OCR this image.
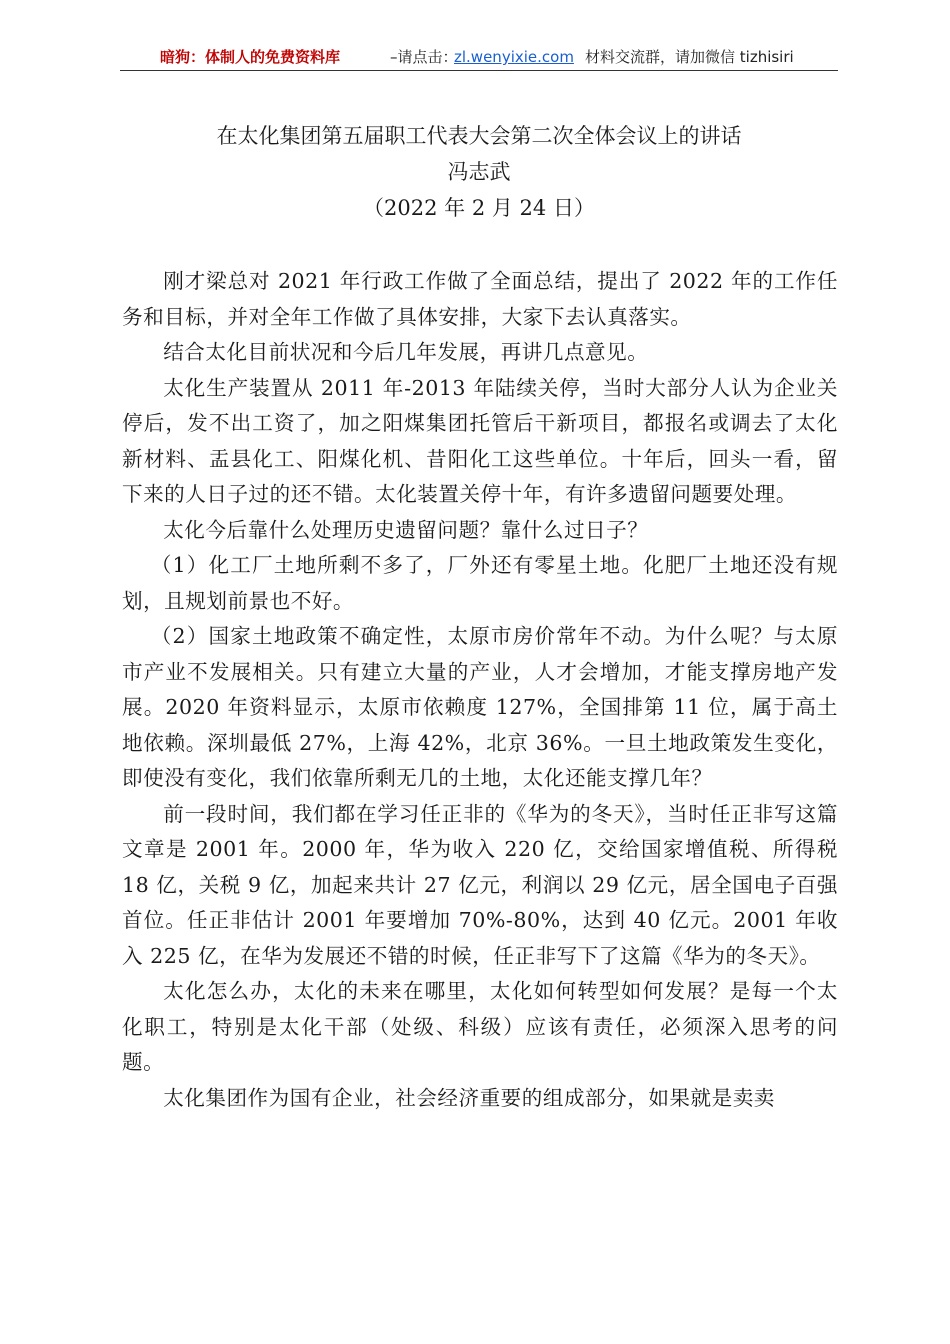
暗狗：体制人的免费资料库	–请点击：
zl.wenyixie.com 材料交流群，请加微信 tizhisiri
在太化集团第五届职工代表大会第二次全体会议上的讲话
冯志武
（2022 年 2 月 24 日）

刚才梁总对 2021 年行政工作做了全面总结，提出了 2022 年的工作任务和目标，并对全年工作做了具体安排，大家下去认真落实。

结合太化目前状况和今后几年发展，再讲几点意见。

太化生产装置从 2011 年-2013 年陆续关停，当时大部分人认为企业关停后，发不出工资了，加之阳煤集团托管后干新项目，都报名或调去了太化新材料、盂县化工、阳煤化机、昔阳化工这些单位。十年后，回头一看，留下来的人日子过的还不错。太化装置关停十年，有许多遗留问题要处理。

太化今后靠什么处理历史遗留问题？靠什么过日子？

（1）化工厂土地所剩不多了，厂外还有零星土地。化肥厂土地还没有规划，且规划前景也不好。

（2）国家土地政策不确定性，太原市房价常年不动。为什么呢？与太原市产业不发展相关。只有建立大量的产业，人才会增加，才能支撑房地产发展。2020 年资料显示，太原市依赖度 127%，全国排第 11 位，属于高土地依赖。深圳最低 27%，上海 42%，北京 36%。一旦土地政策发生变化，即使没有变化，我们依靠所剩无几的土地，太化还能支撑几年？

前一段时间，我们都在学习任正非的《华为的冬天》，当时任正非写这篇文章是 2001 年。2000 年，华为收入 220 亿，交给国家增值税、所得税 18 亿，关税 9 亿，加起来共计 27 亿元，利润以 29 亿元，居全国电子百强首位。任正非估计 2001 年要增加 70%-80%，达到 40 亿元。2001 年收入 225 亿，在华为发展还不错的时候，任正非写下了这篇《华为的冬天》。

太化怎么办，太化的未来在哪里，太化如何转型如何发展？是每一个太化职工，特别是太化干部（处级、科级）应该有责任，必须深入思考的问题。

太化集团作为国有企业，社会经济重要的组成部分，如果就是卖卖
